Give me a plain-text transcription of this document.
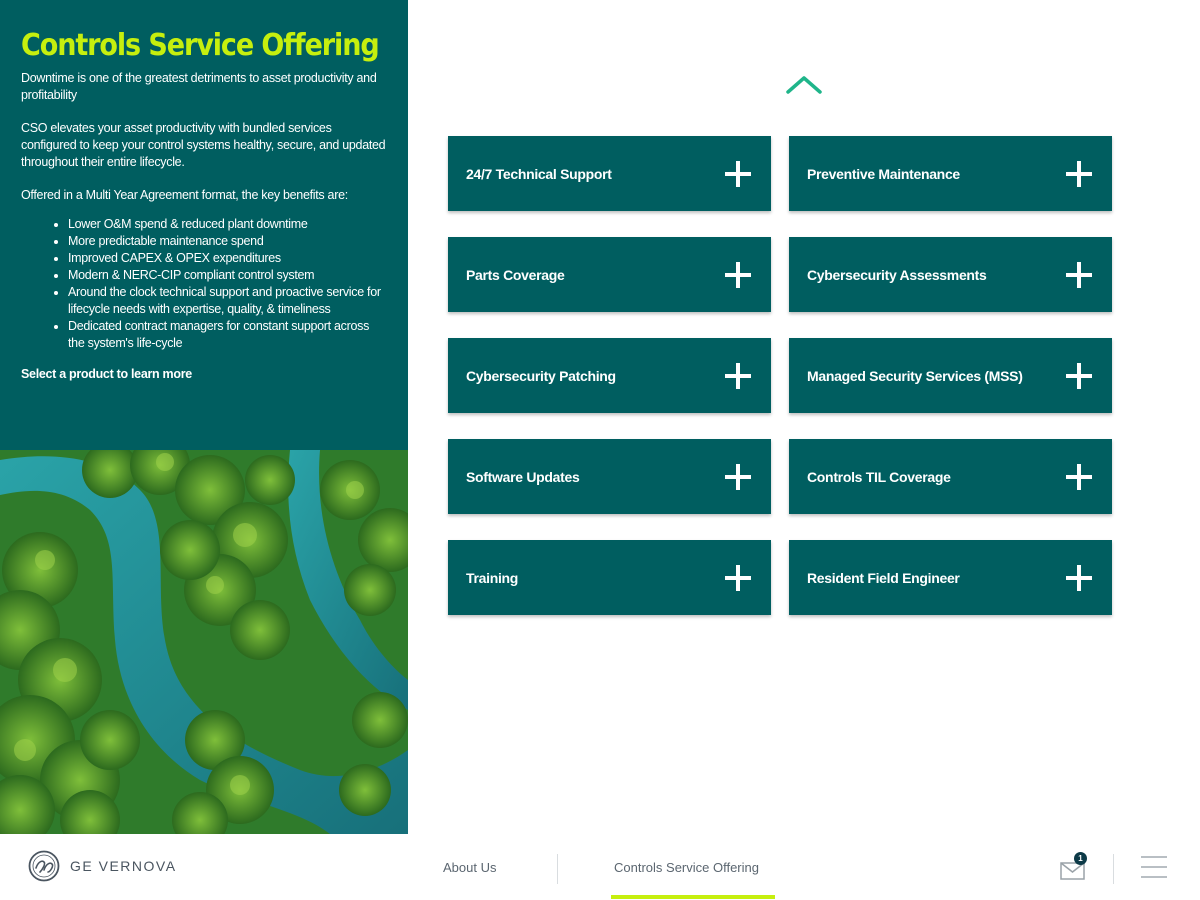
Controls Service Offering

Downtime is one of the greatest detriments to asset productivity and profitability

CSO elevates your asset productivity with bundled services configured to keep your control systems healthy, secure, and updated throughout their entire lifecycle.

Offered in a Multi Year Agreement format, the key benefits are:

• Lower O&M spend & reduced plant downtime
• More predictable maintenance spend
• Improved CAPEX & OPEX expenditures
• Modern & NERC-CIP compliant control system
• Around the clock technical support and proactive service for lifecycle needs with expertise, quality, & timeliness
• Dedicated contract managers for constant support across the system's life-cycle

Select a product to learn more

24/7 Technical Support	Preventive Maintenance
Parts Coverage	Cybersecurity Assessments
Cybersecurity Patching	Managed Security Services (MSS)
Software Updates	Controls TIL Coverage
Training	Resident Field Engineer
GE VERNOVA	About Us	Controls Service Offering
1
